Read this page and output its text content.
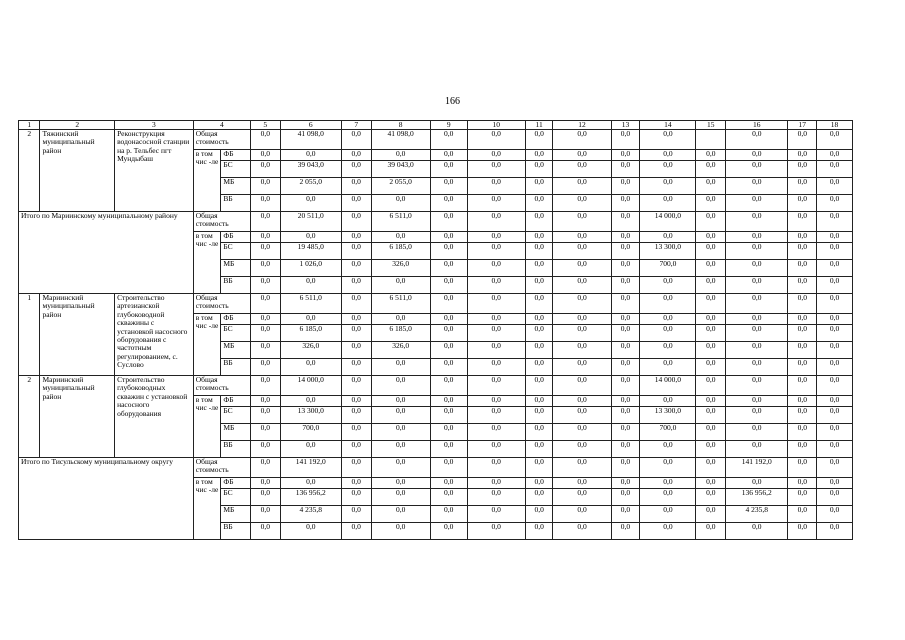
166
1	2	3	4		5	6	7	8	9	10	11	12	13	14	15	16	17	18
2	Тяжинский муниципальный район	Реконструкция водонасосной станции на р. Тельбес пгт Мундыбаш	Общая стоимость		0,0	41 098,0	0,0	41 098,0	0,0	0,0	0,0	0,0	0,0	0,0		0,0	0,0	0,0
			в том чис -ле	ФБ	0,0	0,0	0,0	0,0	0,0	0,0	0,0	0,0	0,0	0,0	0,0	0,0	0,0	0,0
				БС	0,0	39 043,0	0,0	39 043,0	0,0	0,0	0,0	0,0	0,0	0,0	0,0	0,0	0,0	0,0
				МБ	0,0	2 055,0	0,0	2 055,0	0,0	0,0	0,0	0,0	0,0	0,0	0,0	0,0	0,0	0,0
				ВБ	0,0	0,0	0,0	0,0	0,0	0,0	0,0	0,0	0,0	0,0	0,0	0,0	0,0	0,0
Итого по Мариинскому муниципальному району			Общая стоимость		0,0	20 511,0	0,0	6 511,0	0,0	0,0	0,0	0,0	0,0	14 000,0	0,0	0,0	0,0	0,0
			в том чис -ле	ФБ	0,0	0,0	0,0	0,0	0,0	0,0	0,0	0,0	0,0	0,0	0,0	0,0	0,0	0,0
				БС	0,0	19 485,0	0,0	6 185,0	0,0	0,0	0,0	0,0	0,0	13 300,0	0,0	0,0	0,0	0,0
				МБ	0,0	1 026,0	0,0	326,0	0,0	0,0	0,0	0,0	0,0	700,0	0,0	0,0	0,0	0,0
				ВБ	0,0	0,0	0,0	0,0	0,0	0,0	0,0	0,0	0,0	0,0	0,0	0,0	0,0	0,0
1	Мариинский муниципальный район	Строительство артезианской глубоководной скважины с установкой насосного оборудования с частотным регулированием, с. Суслово	Общая стоимость		0,0	6 511,0	0,0	6 511,0	0,0	0,0	0,0	0,0	0,0	0,0	0,0	0,0	0,0	0,0
			в том чис -ле	ФБ	0,0	0,0	0,0	0,0	0,0	0,0	0,0	0,0	0,0	0,0	0,0	0,0	0,0	0,0
				БС	0,0	6 185,0	0,0	6 185,0	0,0	0,0	0,0	0,0	0,0	0,0	0,0	0,0	0,0	0,0
				МБ	0,0	326,0	0,0	326,0	0,0	0,0	0,0	0,0	0,0	0,0	0,0	0,0	0,0	0,0
				ВБ	0,0	0,0	0,0	0,0	0,0	0,0	0,0	0,0	0,0	0,0	0,0	0,0	0,0	0,0
2	Мариинский муниципальный район	Строительство глубоководных скважин с установкой насосного оборудования	Общая стоимость		0,0	14 000,0	0,0	0,0	0,0	0,0	0,0	0,0	0,0	14 000,0	0,0	0,0	0,0	0,0
			в том чис -ле	ФБ	0,0	0,0	0,0	0,0	0,0	0,0	0,0	0,0	0,0	0,0	0,0	0,0	0,0	0,0
				БС	0,0	13 300,0	0,0	0,0	0,0	0,0	0,0	0,0	0,0	13 300,0	0,0	0,0	0,0	0,0
				МБ	0,0	700,0	0,0	0,0	0,0	0,0	0,0	0,0	0,0	700,0	0,0	0,0	0,0	0,0
				ВБ	0,0	0,0	0,0	0,0	0,0	0,0	0,0	0,0	0,0	0,0	0,0	0,0	0,0	0,0
Итого по Тисульскому муниципальному округу			Общая стоимость		0,0	141 192,0	0,0	0,0	0,0	0,0	0,0	0,0	0,0	0,0	0,0	141 192,0	0,0	0,0
			в том чис -ле	ФБ	0,0	0,0	0,0	0,0	0,0	0,0	0,0	0,0	0,0	0,0	0,0	0,0	0,0	0,0
				БС	0,0	136 956,2	0,0	0,0	0,0	0,0	0,0	0,0	0,0	0,0	0,0	136 956,2	0,0	0,0
				МБ	0,0	4 235,8	0,0	0,0	0,0	0,0	0,0	0,0	0,0	0,0	0,0	4 235,8	0,0	0,0
				ВБ	0,0	0,0	0,0	0,0	0,0	0,0	0,0	0,0	0,0	0,0	0,0	0,0	0,0	0,0
